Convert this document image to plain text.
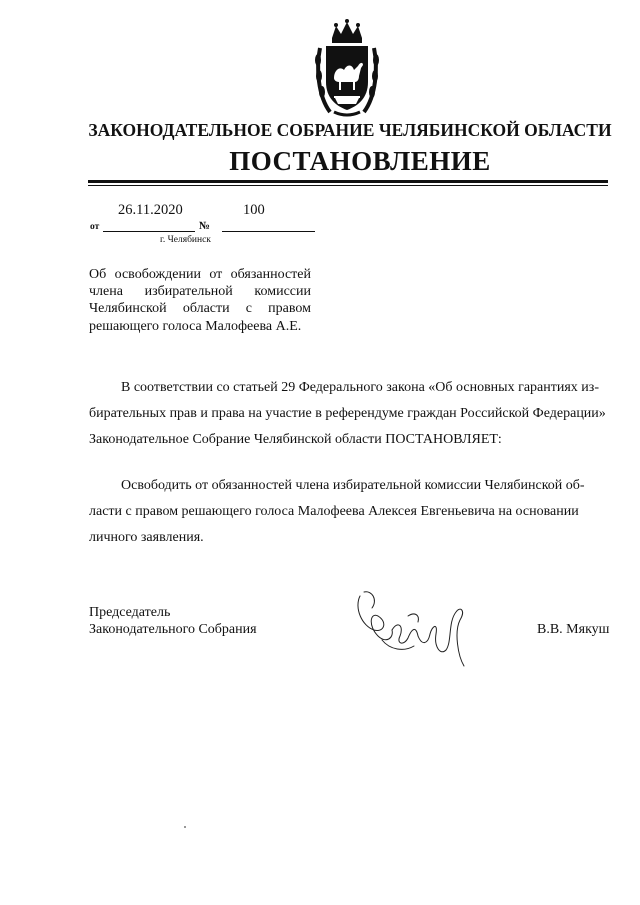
ЗАКОНОДАТЕЛЬНОЕ СОБРАНИЕ ЧЕЛЯБИНСКОЙ ОБЛАСТИ
ПОСТАНОВЛЕНИЕ
26.11.2020	100
от	№
г. Челябинск
Об освобождении от обязанностей члена избирательной комиссии Челябинской области с правом решающего голоса Малофеева А.Е.
В соответствии со статьей 29 Федерального закона «Об основных гарантиях из-
бирательных прав и права на участие в референдуме граждан Российской Федерации»
Законодательное Собрание Челябинской области ПОСТАНОВЛЯЕТ:
Освободить от обязанностей члена избирательной комиссии Челябинской об-
ласти с правом решающего голоса Малофеева Алексея Евгеньевича на основании
личного заявления.
Председатель
Законодательного Собрания	В.В. Мякуш
